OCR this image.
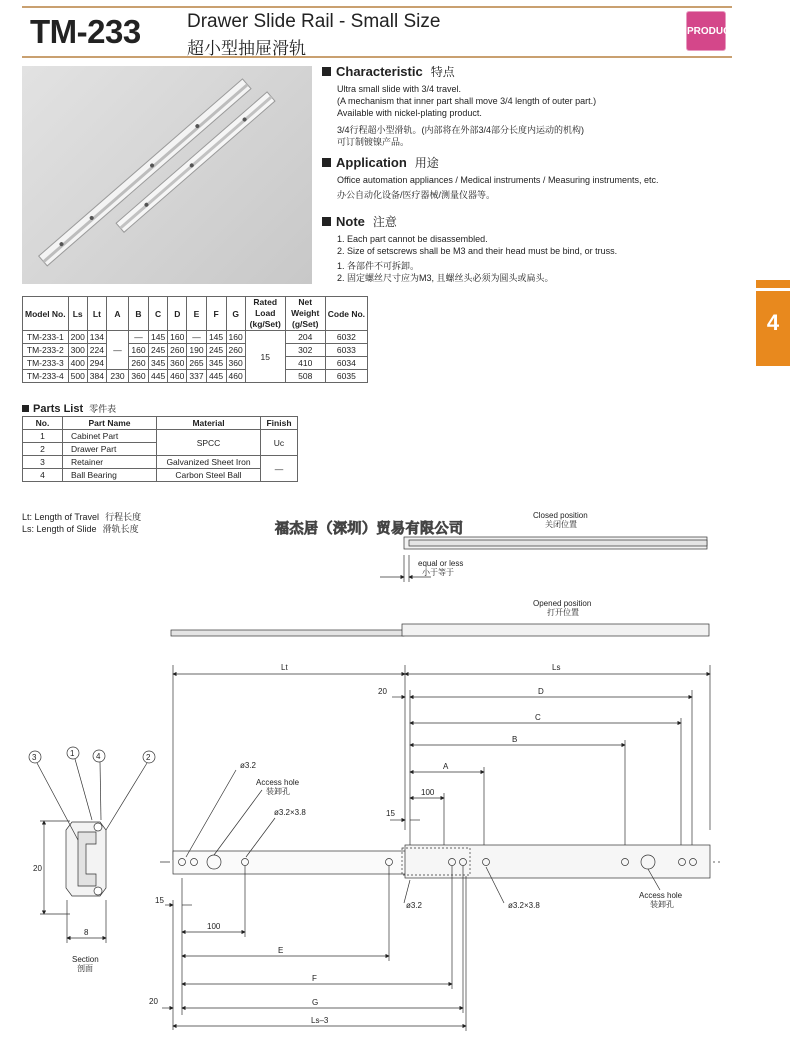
TM-233 Drawer Slide Rail - Small Size
超小型抽屉滑轨
PRODUCT
Characteristic 特点
Ultra small slide with 3/4 travel.
(A mechanism that inner part shall move 3/4 length of outer part.)
Available with nickel-plating product.
3/4行程超小型滑轨。(内部将在外部3/4部分长度内运动的机构)
可订制镀镍产品。
Application 用途
Office automation appliances / Medical instruments / Measuring instruments, etc.
办公自动化设备/医疗器械/测量仪器等。
Note 注意
1. Each part cannot be disassembled.
2. Size of setscrews shall be M3 and their head must be bind, or truss.
1. 各部件不可拆卸。
2. 固定螺丝尺寸应为M3, 且螺丝头必须为圆头或扁头。
4
Model No.	Ls	Lt	A	B	C	D	E	F	G	Rated Load (kg/Set)	Net Weight (g/Set)	Code No.
TM-233-1	200	134	—	—	145	160	—	145	160	15	204	6032
TM-233-2	300	224		160	245	260	190	245	260		302	6033
TM-233-3	400	294		260	345	360	265	345	360		410	6034
TM-233-4	500	384	230	360	445	460	337	445	460		508	6035
Parts List 零件表
No.	Part Name	Material	Finish
1	Cabinet Part	SPCC	Uc
2	Drawer Part		
3	Retainer	Galvanized Sheet Iron	—
4	Ball Bearing	Carbon Steel Ball	
Lt: Length of Travel 行程长度
Ls: Length of Slide 滑轨长度
Closed position
关闭位置
equal or less
小于等于
Opened position
打开位置
Lt	Ls
20	D
C
B
A
100
15
ø3.2
Access hole
装卸孔
ø3.2×3.8
ø3.2	ø3.2×3.8
Access hole
装卸孔
15
100
E
F
20	G
Ls–3
20
8
Section
剖面
3	1	4	2
福杰居（深圳）贸易有限公司
